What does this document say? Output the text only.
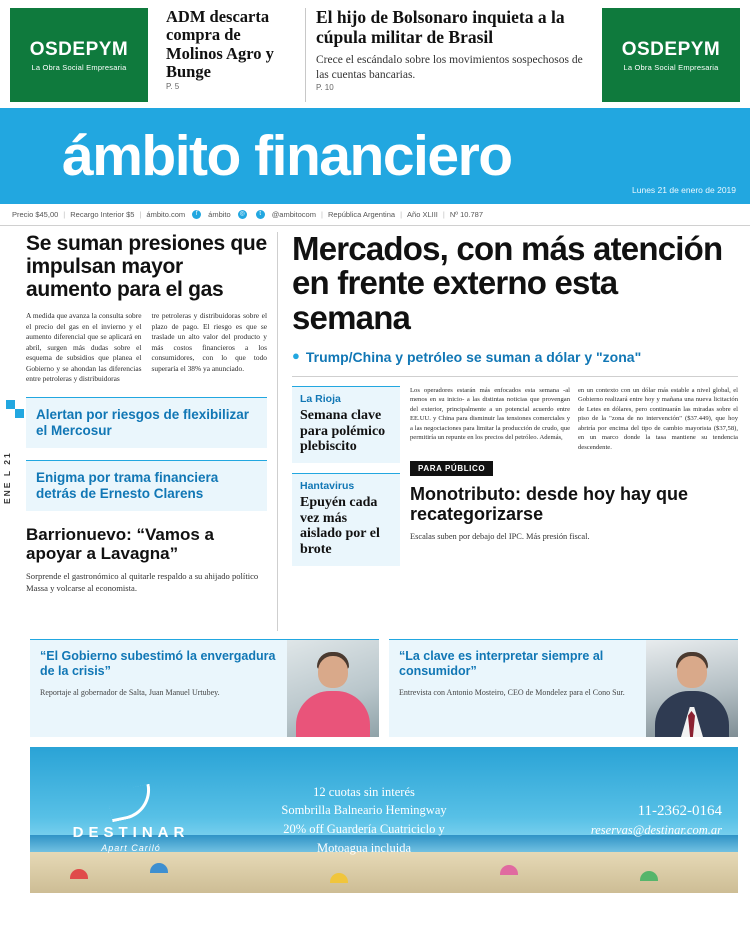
OSDEPYM
La Obra Social Empresaria
ADM descarta compra de Molinos Agro y Bunge
P. 5
El hijo de Bolsonaro inquieta a la cúpula militar de Brasil

Crece el escándalo sobre los movimientos sospechosos de las cuentas bancarias.

P. 10
OSDEPYM
La Obra Social Empresaria
ámbito financiero
Lunes 21 de enero de 2019
Precio $45,00 | Recargo Interior $5 | ámbito.com	f	ámbito	◎	t	@ambitocom | República Argentina | Año XLIII | Nº 10.787
ENE L 21
Se suman presiones que impulsan mayor aumento para el gas
A medida que avanza la consulta sobre el precio del gas en el invierno y el aumento diferencial que se aplicará en abril, surgen más dudas sobre el esquema de subsidios que planea el Gobierno y se ahondan las diferencias entre petroleras y distribuidoras
tre petroleras y distribuidoras sobre el plazo de pago. El riesgo es que se traslade un alto valor del producto y más costos financieros a los consumidores, con lo que todo superaría el 38% ya anunciado.
Alertan por riesgos de flexibilizar el Mercosur
Enigma por trama financiera detrás de Ernesto Clarens
Barrionuevo: “Vamos a apoyar a Lavagna”

Sorprende el gastronómico al quitarle respaldo a su ahijado político Massa y volcarse al economista.

Mercados, con más atención en frente externo esta semana
● Trump/China y petróleo se suman a dólar y "zona"
La Rioja
Semana clave para polémico plebiscito
Hantavirus
Epuyén cada vez más aislado por el brote
Los operadores estarán más enfocados esta semana -al menos en su inicio- a las distintas noticias que provengan del exterior, principalmente a un potencial acuerdo entre EE.UU. y China para disminuir las tensiones comerciales y a las negociaciones para limitar la producción de crudo, que permitiría un repunte en los precios del petróleo. Además,
en un contexto con un dólar más estable a nivel global, el Gobierno realizará entre hoy y mañana una nueva licitación de Letes en dólares, pero continuarán las miradas sobre el piso de la "zona de no intervención" ($37.449), que hoy abriría por encima del tipo de cambio mayorista ($37,58), en un marco donde la tasa mantiene su tendencia descendente.
PARA PÚBLICO
Monotributo: desde hoy hay que recategorizarse

Escalas suben por debajo del IPC. Más presión fiscal.

“El Gobierno subestimó la envergadura de la crisis”

Reportaje al gobernador de Salta, Juan Manuel Urtubey.

“La clave es interpretar siempre al consumidor”

Entrevista con Antonio Mosteiro, CEO de Mondelez para el Cono Sur.

DESTINAR
Apart Cariló
12 cuotas sin interés
Sombrilla Balneario Hemingway
20% off Guardería Cuatriciclo y
Motoagua incluida
11-2362-0164
reservas@destinar.com.ar
